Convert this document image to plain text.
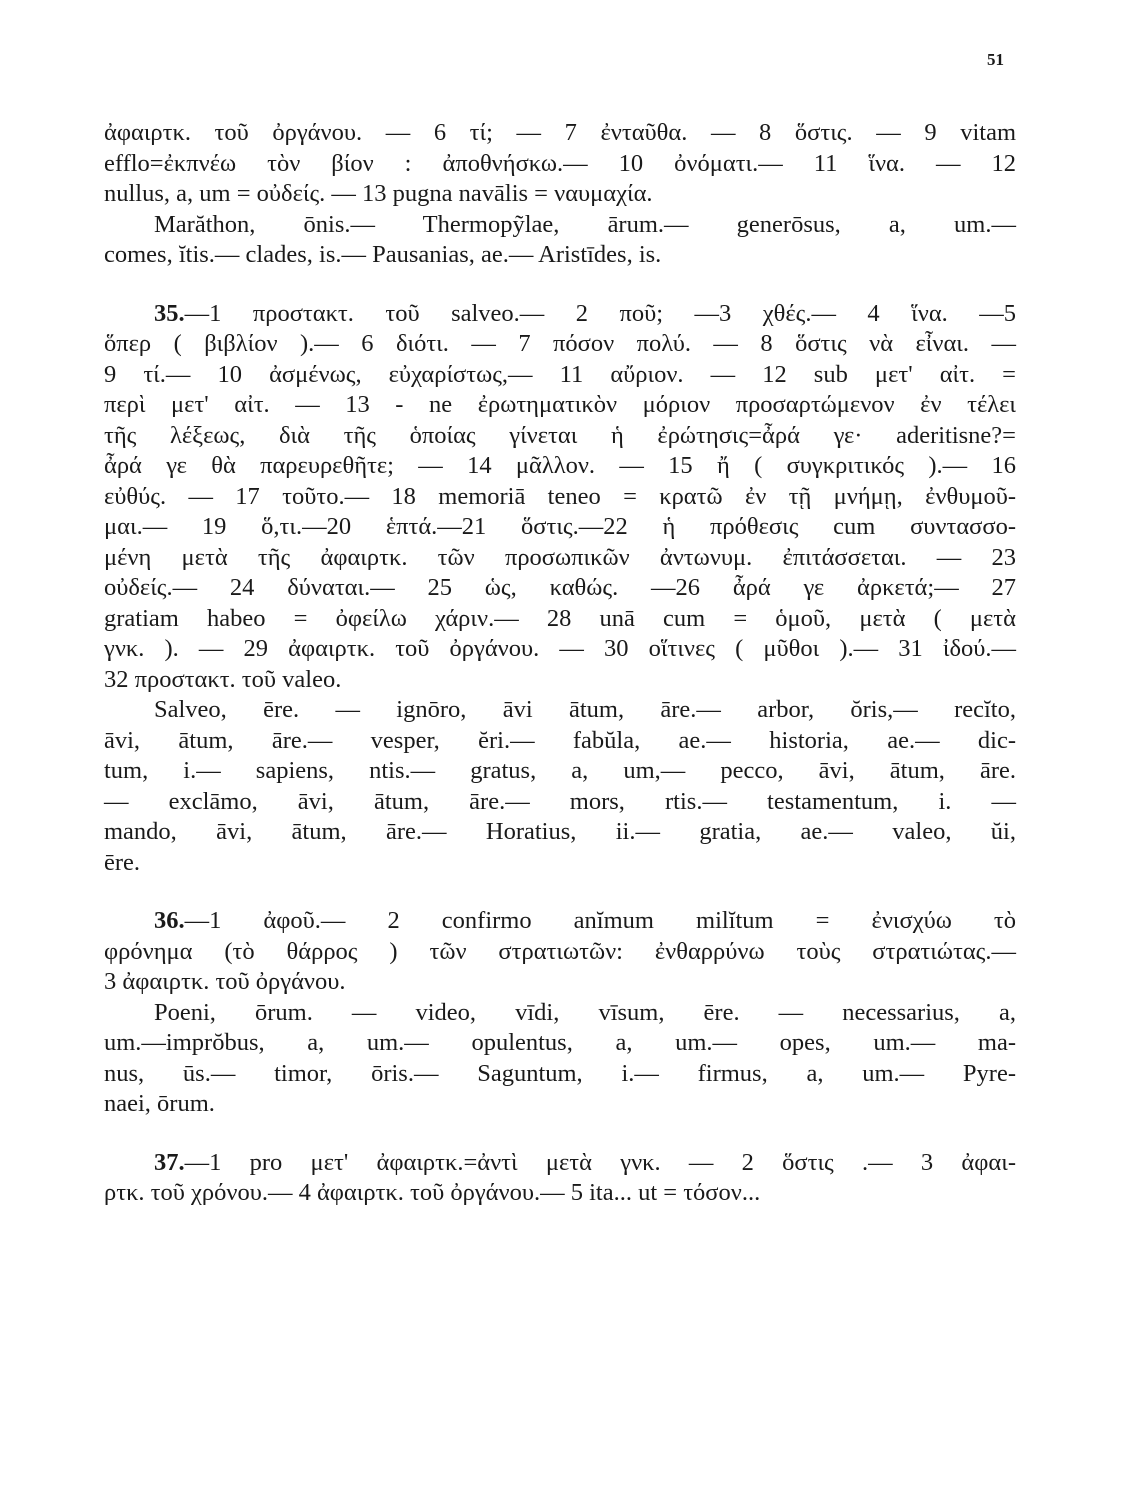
51
ἀφαιρτκ. τοῦ ὀργάνου. — 6 τί; — 7 ἐνταῦθα. — 8 ὅστις. — 9 vitam
efflo=ἐκπνέω τὸν βίον : ἀποθνήσκω.— 10 ὀνόματι.— 11 ἵνα. — 12
nullus, a, um = οὐδείς. — 13 pugna navālis = ναυμαχία.
Marăthon, ōnis.— Thermopỹlae, ārum.— generōsus, a, um.—
comes, ĭtis.— clades, is.— Pausanias, ae.— Aristīdes, is.
35.—1 προστακτ. τοῦ salveo.— 2 ποῦ; —3 χθές.— 4 ἵνα. —5
ὅπερ ( βιβλίον ).— 6 διότι. — 7 πόσον πολύ. — 8 ὅστις νὰ εἶναι. —
9 τί.— 10 ἀσμένως, εὐχαρίστως,— 11 αὔριον. — 12 sub μετ' αἰτ. =
περὶ μετ' αἰτ. — 13 - ne ἐρωτηματικὸν μόριον προσαρτώμενον ἐν τέλει
τῆς λέξεως, διὰ τῆς ὁποίας γίνεται ἡ ἐρώτησις=ἆρά γε· aderitisne?=
ἆρά γε θὰ παρευρεθῆτε; — 14 μᾶλλον. — 15 ἤ ( συγκριτικός ).— 16
εὐθύς. — 17 τοῦτο.— 18 memoriā teneo = κρατῶ ἐν τῇ μνήμῃ, ἐνθυμοῦ-
μαι.— 19 ὅ,τι.—20 ἑπτά.—21 ὅστις.—22 ἡ πρόθεσις cum συντασσο-
μένη μετὰ τῆς ἀφαιρτκ. τῶν προσωπικῶν ἀντωνυμ. ἐπιτάσσεται. — 23
οὐδείς.— 24 δύναται.— 25 ὡς, καθώς. —26 ἆρά γε ἀρκετά;— 27
gratiam habeo = ὀφείλω χάριν.— 28 unā cum = ὁμοῦ, μετὰ ( μετὰ
γνκ. ). — 29 ἀφαιρτκ. τοῦ ὀργάνου. — 30 οἵτινες ( μῦθοι ).— 31 ἰδού.—
32 προστακτ. τοῦ valeo.
Salveo, ēre. — ignōro, āvi ātum, āre.— arbor, ŏris,— recĭto,
āvi, ātum, āre.— vesper, ĕri.— fabŭla, ae.— historia, ae.— dic-
tum, i.— sapiens, ntis.— gratus, a, um,— pecco, āvi, ātum, āre.
— exclāmo, āvi, ātum, āre.— mors, rtis.— testamentum, i. —
mando, āvi, ātum, āre.— Horatius, ii.— gratia, ae.— valeo, ŭi,
ēre.
36.—1 ἀφοῦ.— 2 confirmo anĭmum milĭtum = ἐνισχύω τὸ
φρόνημα (τὸ θάρρος ) τῶν στρατιωτῶν: ἐνθαρρύνω τοὺς στρατιώτας.—
3 ἀφαιρτκ. τοῦ ὀργάνου.
Poeni, ōrum. — video, vīdi, vīsum, ēre. — necessarius, a,
um.—imprŏbus, a, um.— opulentus, a, um.— opes, um.— ma-
nus, ūs.— timor, ōris.— Saguntum, i.— firmus, a, um.— Pyre-
naei, ōrum.
37.—1 pro μετ' ἀφαιρτκ.=ἀντὶ μετὰ γνκ. — 2 ὅστις .— 3 ἀφαι-
ρτκ. τοῦ χρόνου.— 4 ἀφαιρτκ. τοῦ ὀργάνου.— 5 ita... ut = τόσον...
